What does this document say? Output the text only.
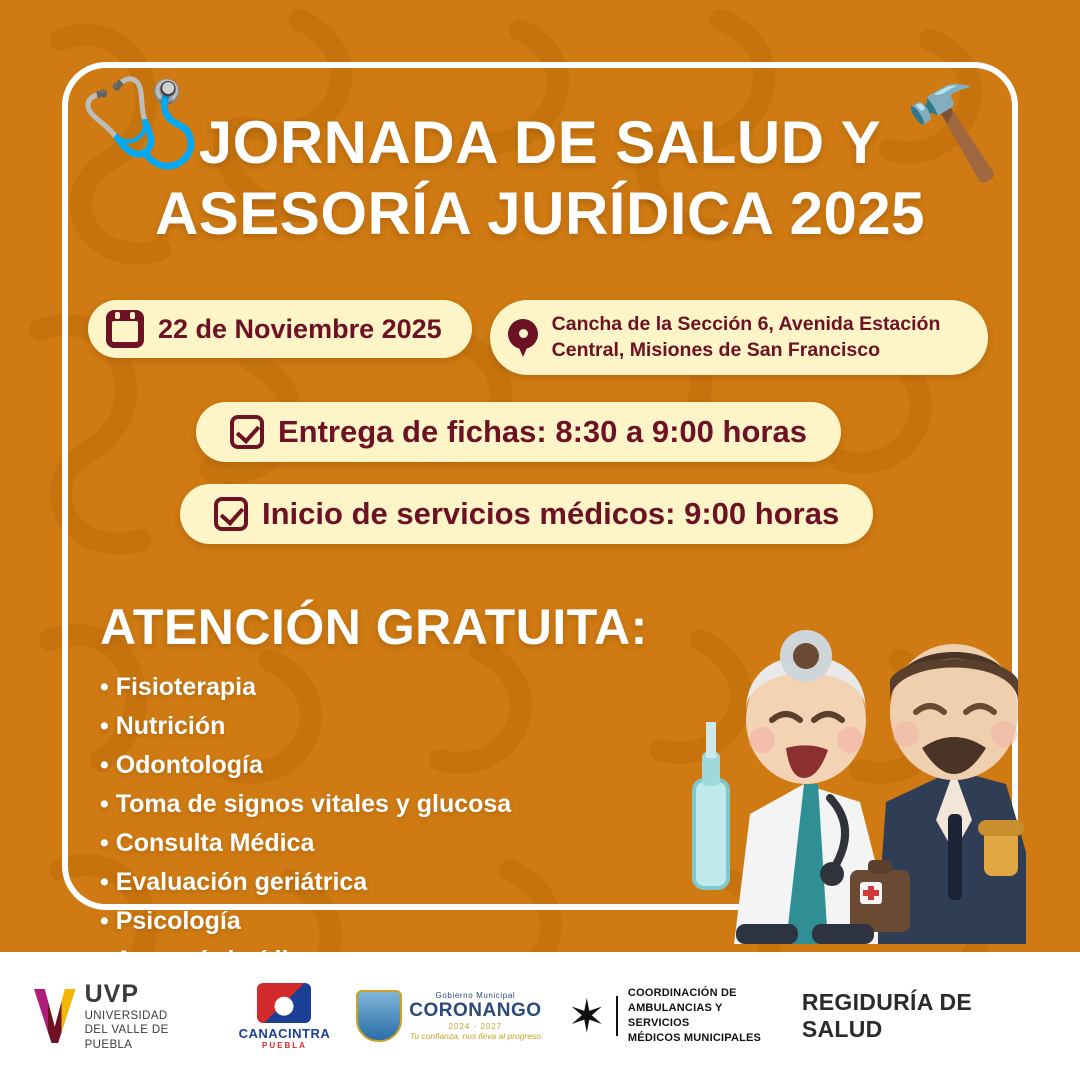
🩺	🔨
JORNADA DE SALUD Y
ASESORÍA JURÍDICA 2025
22 de Noviembre 2025	Cancha de la Sección 6, Avenida Estación
Central, Misiones de San Francisco
Entrega de fichas: 8:30 a 9:00 horas
Inicio de servicios médicos: 9:00 horas
ATENCIÓN GRATUITA:
• Fisioterapia
• Nutrición
• Odontología
• Toma de signos vitales y glucosa
• Consulta Médica
• Evaluación geriátrica
• Psicología
•
UVP
UNIVERSIDAD
DEL VALLE DE PUEBLA
CANACINTRA
PUEBLA
Gobierno Municipal
CORONANGO
2024 - 2027
Tu confianza, nos lleva al progreso ✶ COORDINACIÓN DE
AMBULANCIAS Y SERVICIOS
MÉDICOS MUNICIPALES
REGIDURÍA DE SALUD
